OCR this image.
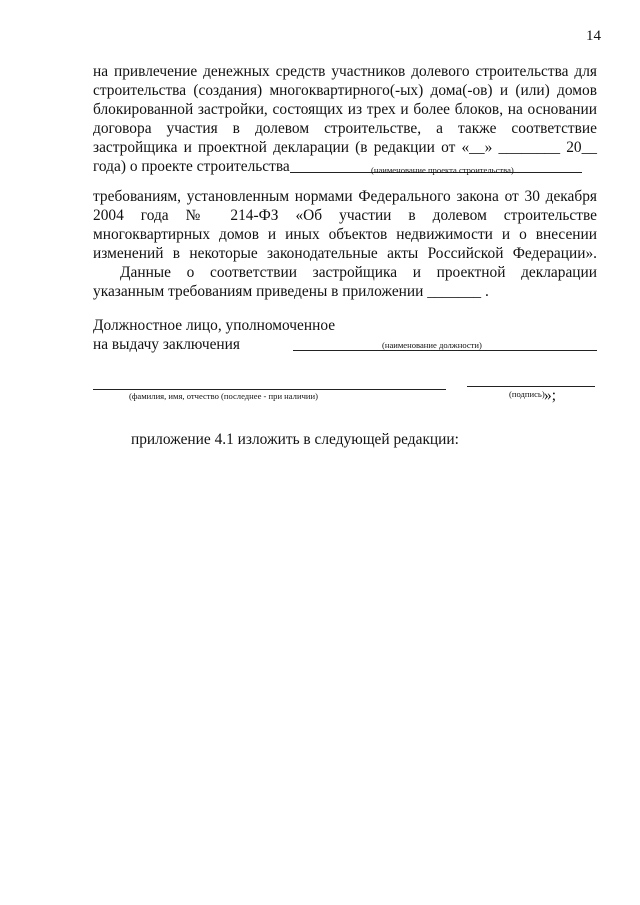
14
на привлечение денежных средств участников долевого строительства для
строительства (создания) многоквартирного(-ых) дома(-ов) и (или) домов
блокированной застройки, состоящих из трех и более блоков, на основании
договора участия в долевом строительстве, а также соответствие
застройщика и проектной декларации (в редакции от «__» ________ 20__
года) о проекте строительства	(наименование проекта строительства)
требованиям, установленным нормами Федерального закона от 30 декабря
2004 года № 214-ФЗ «Об участии в долевом строительстве
многоквартирных домов и иных объектов недвижимости и о внесении
изменений в некоторые законодательные акты Российской Федерации».
Данные о соответствии застройщика и проектной декларации
указанным требованиям приведены в приложении _______ .
Должностное лицо, уполномоченное
на выдачу заключения	(наименование должности)
(фамилия, имя, отчество (последнее - при наличии)	(подпись) »;
приложение 4.1 изложить в следующей редакции:
